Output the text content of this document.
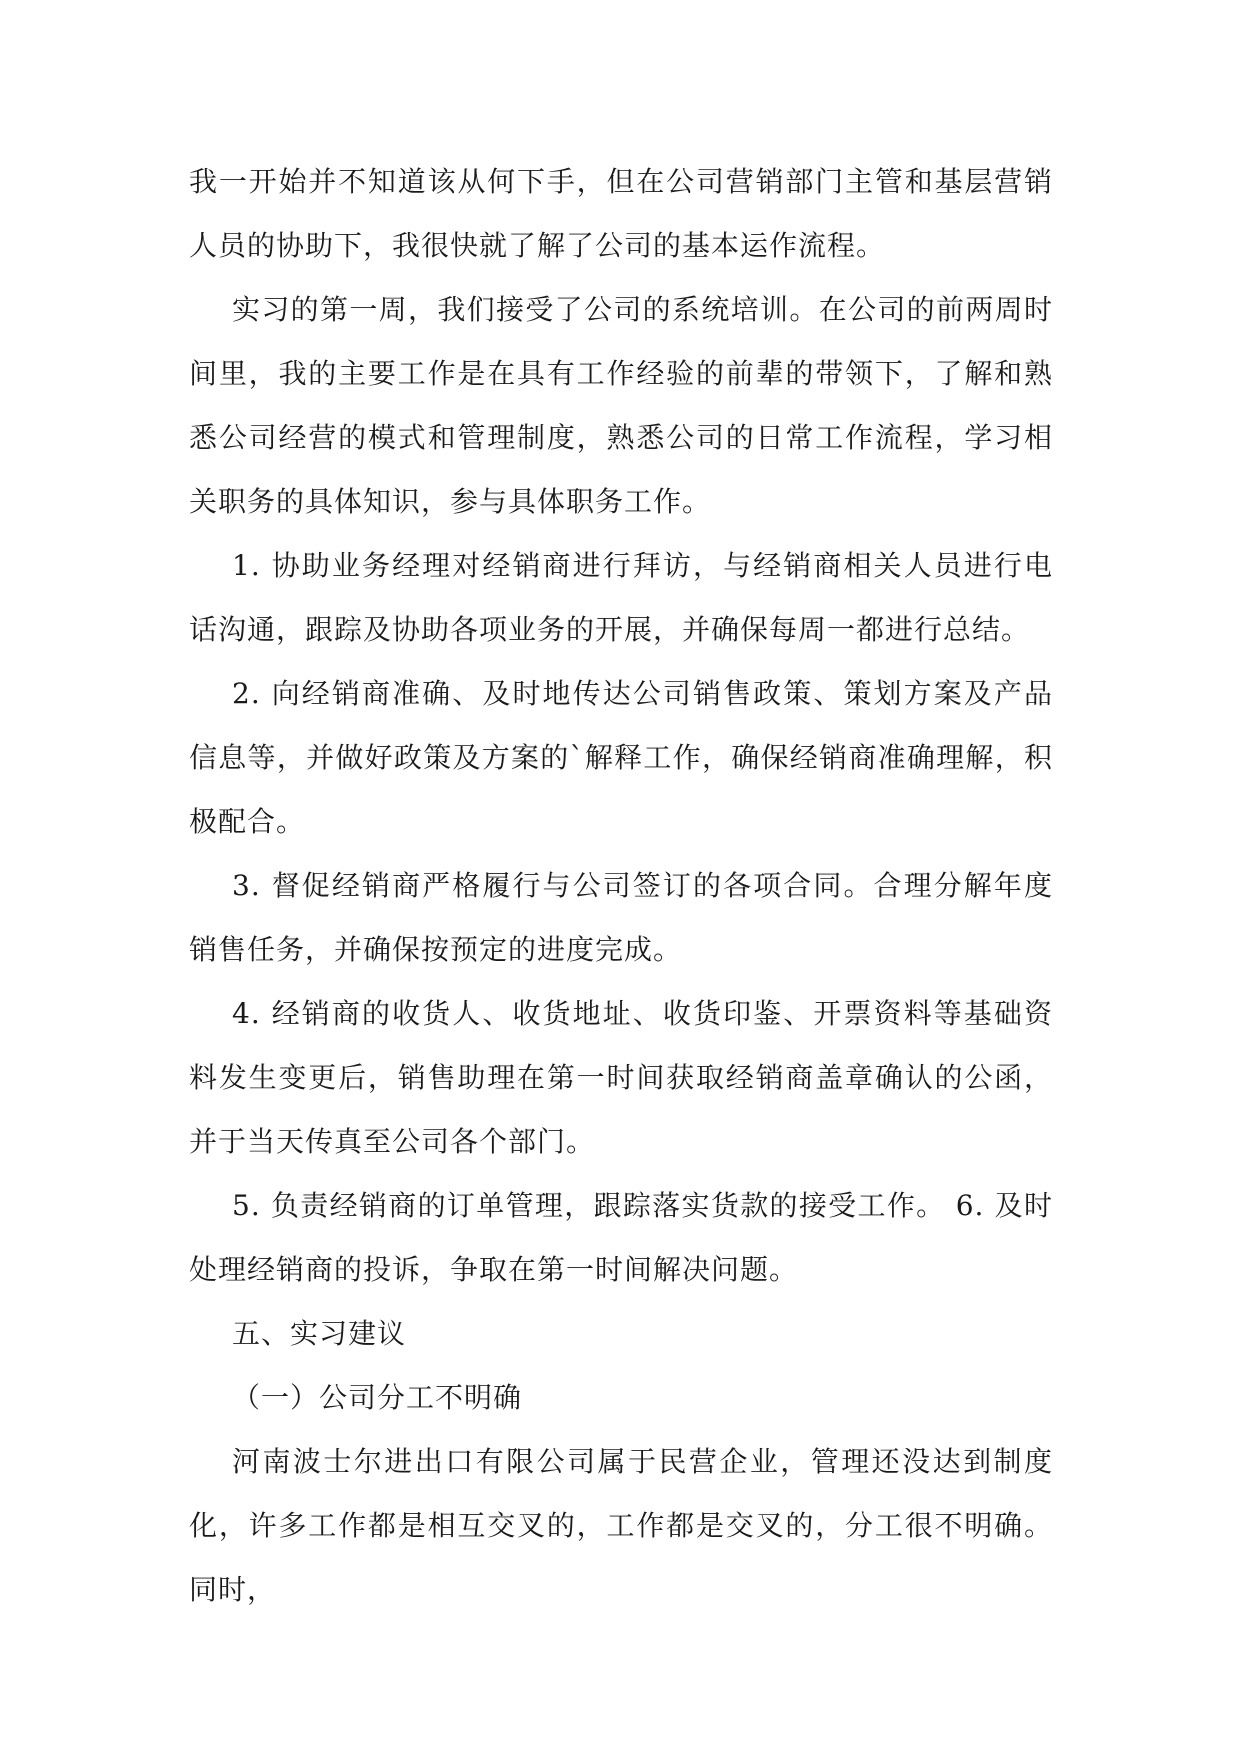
我一开始并不知道该从何下手，但在公司营销部门主管和基层营销人员的协助下，我很快就了解了公司的基本运作流程。

实习的第一周，我们接受了公司的系统培训。在公司的前两周时间里，我的主要工作是在具有工作经验的前辈的带领下，了解和熟悉公司经营的模式和管理制度，熟悉公司的日常工作流程，学习相关职务的具体知识，参与具体职务工作。

1. 协助业务经理对经销商进行拜访，与经销商相关人员进行电话沟通，跟踪及协助各项业务的开展，并确保每周一都进行总结。

2. 向经销商准确、及时地传达公司销售政策、策划方案及产品信息等，并做好政策及方案的`解释工作，确保经销商准确理解，积极配合。

3. 督促经销商严格履行与公司签订的各项合同。合理分解年度销售任务，并确保按预定的进度完成。

4. 经销商的收货人、收货地址、收货印鉴、开票资料等基础资料发生变更后，销售助理在第一时间获取经销商盖章确认的公函，并于当天传真至公司各个部门。

5. 负责经销商的订单管理，跟踪落实货款的接受工作。 6. 及时处理经销商的投诉，争取在第一时间解决问题。

五、实习建议

（一）公司分工不明确

河南波士尔进出口有限公司属于民营企业，管理还没达到制度化，许多工作都是相互交叉的，工作都是交叉的，分工很不明确。同时，
